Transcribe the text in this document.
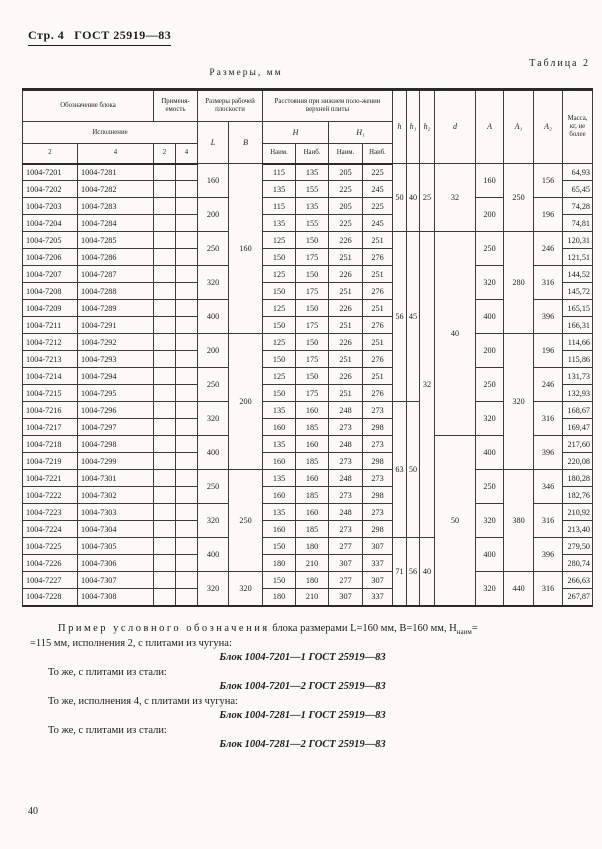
Стр. 4 ГОСТ 25919—83
Таблица 2
Размеры, мм
Обозначение блока		Применя-емость		Размеры рабочей плоскости		Расстояния при нижнем поло-жении верхней плиты				h	h₁	h₂	d	A	A₁	A₂	Масса, кг, не более
Исполнение				L	B	H		H₁									
2	4	2	4			Наим.	Наиб.	Наим.	Наиб.								
1004-7201	1004-7281			160	160	115	135	205	225	50	40	25	32	160	250	156	64,93
1004-7202	1004-7282					135	155	225	245								65,45
1004-7203	1004-7283			200		115	135	205	225					200		196	74,28
1004-7204	1004-7284					135	155	225	245								74,81
1004-7205	1004-7285			250		125	150	226	251	56	45	32	40	250	280	246	120,31
1004-7206	1004-7286					150	175	251	276								121,51
1004-7207	1004-7287			320		125	150	226	251					320		316	144,52
1004-7208	1004-7288					150	175	251	276								145,72
1004-7209	1004-7289			400		125	150	226	251					400		396	165,15
1004-7211	1004-7291					150	175	251	276								166,31
1004-7212	1004-7292			200	200	125	150	226	251					200	320	196	114,66
1004-7213	1004-7293					150	175	251	276								115,86
1004-7214	1004-7294			250		125	150	226	251					250		246	131,73
1004-7215	1004-7295					150	175	251	276								132,93
1004-7216	1004-7296			320		135	160	248	273	63	50			320		316	168,67
1004-7217	1004-7297					160	185	273	298								169,47
1004-7218	1004-7298			400		135	160	248	273				50	400		396	217,60
1004-7219	1004-7299					160	185	273	298								220,08
1004-7221	1004-7301			250	250	135	160	248	273					250	380	346	180,28
1004-7222	1004-7302					160	185	273	298								182,76
1004-7223	1004-7303			320		135	160	248	273					320		316	210,92
1004-7224	1004-7304					160	185	273	298								213,40
1004-7225	1004-7305			400		150	180	277	307	71	56	40		400		396	279,50
1004-7226	1004-7306					180	210	307	337								280,74
1004-7227	1004-7307			320	320	150	180	277	307					320	440	316	266,63
1004-7228	1004-7308					180	210	307	337								267,87
Пример условного обозначения блока размерами L=160 мм, В=160 мм, $Н_{наим}=$
=115 мм, исполнения 2, с плитами из чугуна:
Блок 1004-7201—1 ГОСТ 25919—83
То же, с плитами из стали:
Блок 1004-7201—2 ГОСТ 25919—83
То же, исполнения 4, с плитами из чугуна:
Блок 1004-7281—1 ГОСТ 25919—83
То же, с плитами из стали:
Блок 1004-7281—2 ГОСТ 25919—83
40
